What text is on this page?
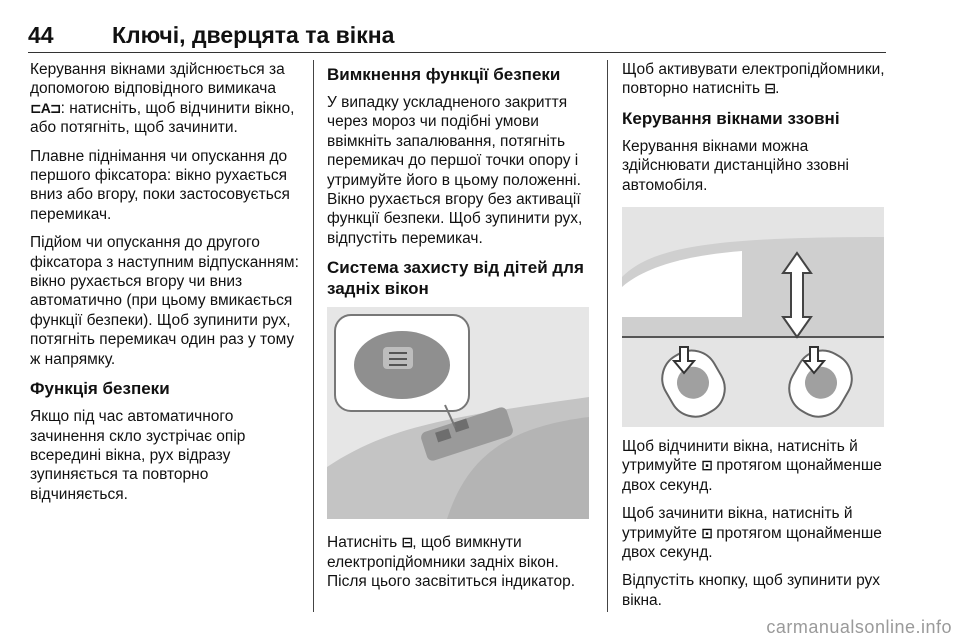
44	Ключі, дверцята та вікна

Керування вікнами здійснюється за допомогою відповідного вимикача ⊏A⊐: натисніть, щоб відчинити вікно, або потягніть, щоб зачинити.

Плавне піднімання чи опускання до першого фіксатора: вікно рухається вниз або вгору, поки застосовується перемикач.

Підйом чи опускання до другого фіксатора з наступним відпусканням: вікно рухається вгору чи вниз автоматично (при цьому вмикається функції безпеки). Щоб зупинити рух, потягніть перемикач один раз у тому ж напрямку.

Функція безпеки

Якщо під час автоматичного зачинення скло зустрічає опір всередині вікна, рух відразу зупиняється та повторно відчиняється.

Вимкнення функції безпеки

У випадку ускладненого закриття через мороз чи подібні умови ввімкніть запалювання, потягніть перемикач до першої точки опору і утримуйте його в цьому положенні. Вікно рухається вгору без активації функції безпеки. Щоб зупинити рух, відпустіть перемикач.

Система захисту від дітей для задніх вікон

Натисніть ⊟, щоб вимкнути електропідйомники задніх вікон. Після цього засвітиться індикатор.

Щоб активувати електропідйомники, повторно натисніть ⊟.

Керування вікнами ззовні

Керування вікнами можна здійснювати дистанційно ззовні автомобіля.

Щоб відчинити вікна, натисніть й утримуйте ⊡ протягом щонайменше двох секунд.

Щоб зачинити вікна, натисніть й утримуйте ⊡ протягом щонайменше двох секунд.

Відпустіть кнопку, щоб зупинити рух вікна.

carmanualsonline.info
